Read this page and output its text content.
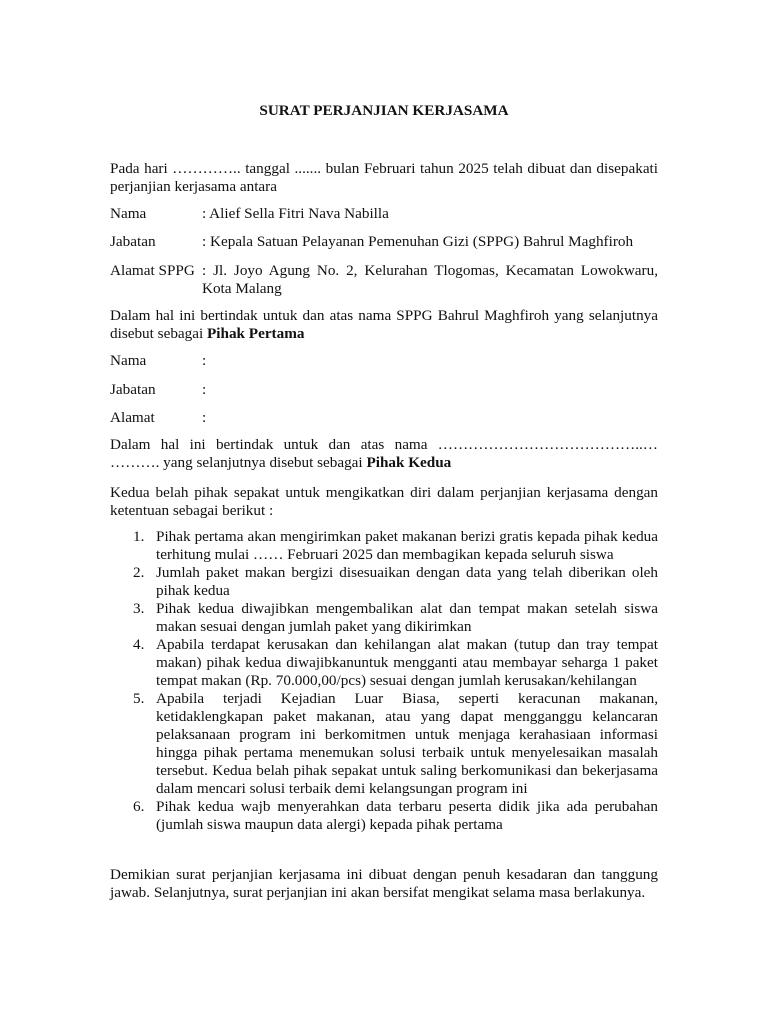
SURAT PERJANJIAN KERJASAMA
Pada hari ………….. tanggal ....... bulan Februari tahun 2025 telah dibuat dan disepakati perjanjian kerjasama antara
Nama	: Alief Sella Fitri Nava Nabilla
Jabatan	: Kepala Satuan Pelayanan Pemenuhan Gizi (SPPG) Bahrul Maghfiroh
Alamat SPPG : Jl. Joyo Agung No. 2, Kelurahan Tlogomas, Kecamatan Lowokwaru,
Kota Malang
Dalam hal ini bertindak untuk dan atas nama SPPG Bahrul Maghfiroh yang selanjutnya disebut sebagai Pihak Pertama
Nama	:
Jabatan	:
Alamat	:
Dalam hal ini bertindak untuk dan atas nama …………………………………..… ………. yang selanjutnya disebut sebagai Pihak Kedua
Kedua belah pihak sepakat untuk mengikatkan diri dalam perjanjian kerjasama dengan ketentuan sebagai berikut :
1. Pihak pertama akan mengirimkan paket makanan berizi gratis kepada pihak kedua terhitung mulai …… Februari 2025 dan membagikan kepada seluruh siswa
2. Jumlah paket makan bergizi disesuaikan dengan data yang telah diberikan oleh pihak kedua
3. Pihak kedua diwajibkan mengembalikan alat dan tempat makan setelah siswa makan sesuai dengan jumlah paket yang dikirimkan
4. Apabila terdapat kerusakan dan kehilangan alat makan (tutup dan tray tempat makan) pihak kedua diwajibkanuntuk mengganti atau membayar seharga 1 paket tempat makan (Rp. 70.000,00/pcs) sesuai dengan jumlah kerusakan/kehilangan
5. Apabila terjadi Kejadian Luar Biasa, seperti keracunan makanan, ketidaklengkapan paket makanan, atau yang dapat mengganggu kelancaran pelaksanaan program ini berkomitmen untuk menjaga kerahasiaan informasi hingga pihak pertama menemukan solusi terbaik untuk menyelesaikan masalah tersebut. Kedua belah pihak sepakat untuk saling berkomunikasi dan bekerjasama dalam mencari solusi terbaik demi kelangsungan program ini
6. Pihak kedua wajb menyerahkan data terbaru peserta didik jika ada perubahan (jumlah siswa maupun data alergi) kepada pihak pertama
Demikian surat perjanjian kerjasama ini dibuat dengan penuh kesadaran dan tanggung jawab. Selanjutnya, surat perjanjian ini akan bersifat mengikat selama masa berlakunya.
